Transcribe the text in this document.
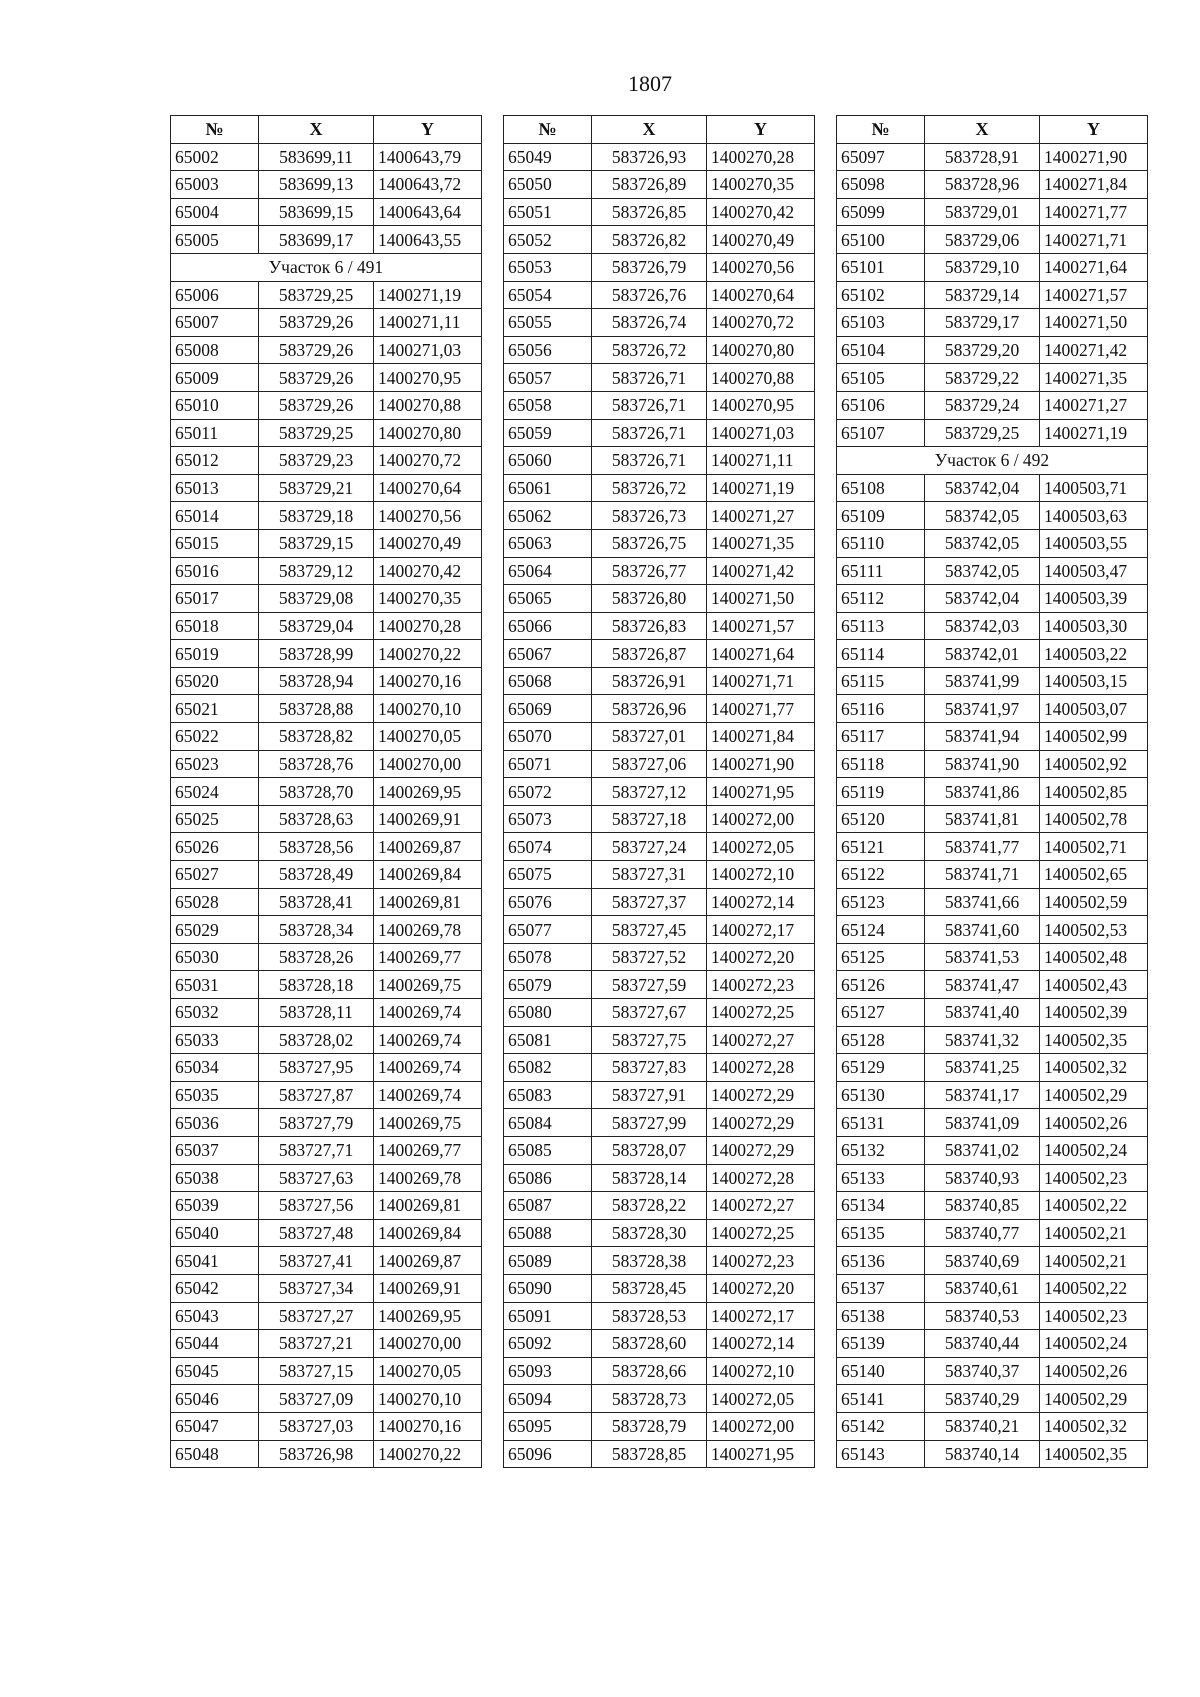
1807
№	X	Y
65002	583699,11	1400643,79
65003	583699,13	1400643,72
65004	583699,15	1400643,64
65005	583699,17	1400643,55
Участок 6 / 491		
65006	583729,25	1400271,19
65007	583729,26	1400271,11
65008	583729,26	1400271,03
65009	583729,26	1400270,95
65010	583729,26	1400270,88
65011	583729,25	1400270,80
65012	583729,23	1400270,72
65013	583729,21	1400270,64
65014	583729,18	1400270,56
65015	583729,15	1400270,49
65016	583729,12	1400270,42
65017	583729,08	1400270,35
65018	583729,04	1400270,28
65019	583728,99	1400270,22
65020	583728,94	1400270,16
65021	583728,88	1400270,10
65022	583728,82	1400270,05
65023	583728,76	1400270,00
65024	583728,70	1400269,95
65025	583728,63	1400269,91
65026	583728,56	1400269,87
65027	583728,49	1400269,84
65028	583728,41	1400269,81
65029	583728,34	1400269,78
65030	583728,26	1400269,77
65031	583728,18	1400269,75
65032	583728,11	1400269,74
65033	583728,02	1400269,74
65034	583727,95	1400269,74
65035	583727,87	1400269,74
65036	583727,79	1400269,75
65037	583727,71	1400269,77
65038	583727,63	1400269,78
65039	583727,56	1400269,81
65040	583727,48	1400269,84
65041	583727,41	1400269,87
65042	583727,34	1400269,91
65043	583727,27	1400269,95
65044	583727,21	1400270,00
65045	583727,15	1400270,05
65046	583727,09	1400270,10
65047	583727,03	1400270,16
65048	583726,98	1400270,22
№	X	Y
65049	583726,93	1400270,28
65050	583726,89	1400270,35
65051	583726,85	1400270,42
65052	583726,82	1400270,49
65053	583726,79	1400270,56
65054	583726,76	1400270,64
65055	583726,74	1400270,72
65056	583726,72	1400270,80
65057	583726,71	1400270,88
65058	583726,71	1400270,95
65059	583726,71	1400271,03
65060	583726,71	1400271,11
65061	583726,72	1400271,19
65062	583726,73	1400271,27
65063	583726,75	1400271,35
65064	583726,77	1400271,42
65065	583726,80	1400271,50
65066	583726,83	1400271,57
65067	583726,87	1400271,64
65068	583726,91	1400271,71
65069	583726,96	1400271,77
65070	583727,01	1400271,84
65071	583727,06	1400271,90
65072	583727,12	1400271,95
65073	583727,18	1400272,00
65074	583727,24	1400272,05
65075	583727,31	1400272,10
65076	583727,37	1400272,14
65077	583727,45	1400272,17
65078	583727,52	1400272,20
65079	583727,59	1400272,23
65080	583727,67	1400272,25
65081	583727,75	1400272,27
65082	583727,83	1400272,28
65083	583727,91	1400272,29
65084	583727,99	1400272,29
65085	583728,07	1400272,29
65086	583728,14	1400272,28
65087	583728,22	1400272,27
65088	583728,30	1400272,25
65089	583728,38	1400272,23
65090	583728,45	1400272,20
65091	583728,53	1400272,17
65092	583728,60	1400272,14
65093	583728,66	1400272,10
65094	583728,73	1400272,05
65095	583728,79	1400272,00
65096	583728,85	1400271,95
№	X	Y
65097	583728,91	1400271,90
65098	583728,96	1400271,84
65099	583729,01	1400271,77
65100	583729,06	1400271,71
65101	583729,10	1400271,64
65102	583729,14	1400271,57
65103	583729,17	1400271,50
65104	583729,20	1400271,42
65105	583729,22	1400271,35
65106	583729,24	1400271,27
65107	583729,25	1400271,19
Участок 6 / 492		
65108	583742,04	1400503,71
65109	583742,05	1400503,63
65110	583742,05	1400503,55
65111	583742,05	1400503,47
65112	583742,04	1400503,39
65113	583742,03	1400503,30
65114	583742,01	1400503,22
65115	583741,99	1400503,15
65116	583741,97	1400503,07
65117	583741,94	1400502,99
65118	583741,90	1400502,92
65119	583741,86	1400502,85
65120	583741,81	1400502,78
65121	583741,77	1400502,71
65122	583741,71	1400502,65
65123	583741,66	1400502,59
65124	583741,60	1400502,53
65125	583741,53	1400502,48
65126	583741,47	1400502,43
65127	583741,40	1400502,39
65128	583741,32	1400502,35
65129	583741,25	1400502,32
65130	583741,17	1400502,29
65131	583741,09	1400502,26
65132	583741,02	1400502,24
65133	583740,93	1400502,23
65134	583740,85	1400502,22
65135	583740,77	1400502,21
65136	583740,69	1400502,21
65137	583740,61	1400502,22
65138	583740,53	1400502,23
65139	583740,44	1400502,24
65140	583740,37	1400502,26
65141	583740,29	1400502,29
65142	583740,21	1400502,32
65143	583740,14	1400502,35
